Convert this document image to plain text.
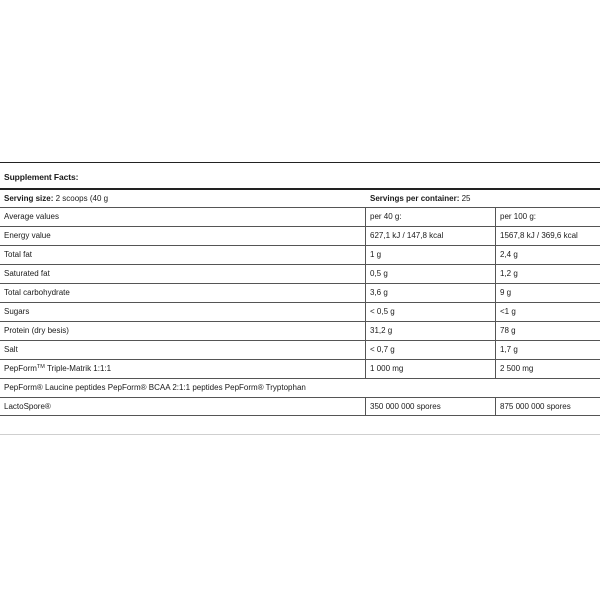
Supplement Facts:
Serving size: 2 scoops (40 g	Servings per container: 25
Average values	per 40 g:	per 100 g:
Energy value	627,1 kJ / 147,8 kcal	1567,8 kJ / 369,6 kcal
Total fat	1 g	2,4 g
Saturated fat	0,5 g	1,2 g
Total carbohydrate	3,6 g	9 g
Sugars	< 0,5 g	<1 g
Protein (dry besis)	31,2 g	78 g
Salt	< 0,7 g	1,7 g
PepForm™ Triple-Matrik 1:1:1	1 000 mg	2 500 mg
PepForm® Laucine peptides PepForm® BCAA 2:1:1 peptides PepForm® Tryptophan
LactoSpore®	350 000 000 spores	875 000 000 spores
